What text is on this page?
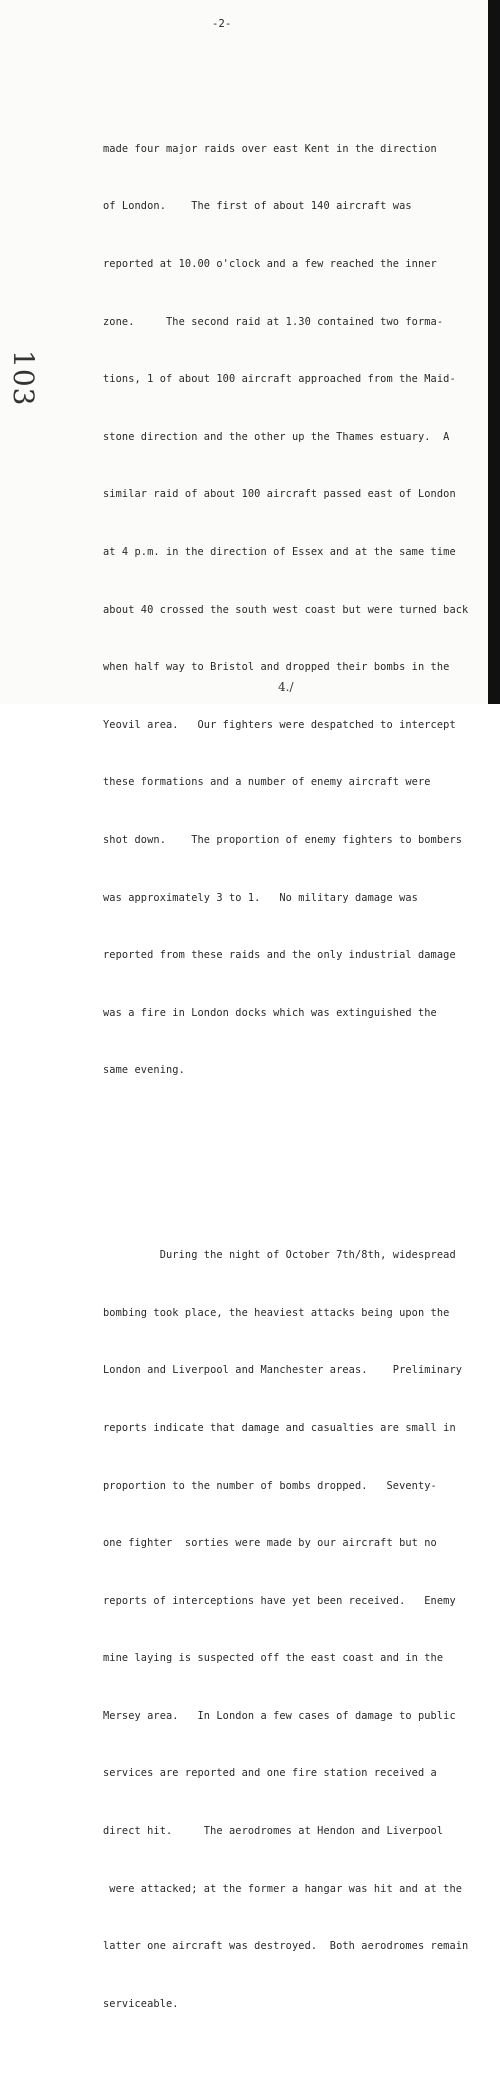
-2-
103

made four major raids over east Kent in the direction

of London.    The first of about 140 aircraft was

reported at 10.00 o'clock and a few reached the inner

zone.     The second raid at 1.30 contained two forma-

tions, 1 of about 100 aircraft approached from the Maid-

stone direction and the other up the Thames estuary.  A

similar raid of about 100 aircraft passed east of London

at 4 p.m. in the direction of Essex and at the same time

about 40 crossed the south west coast but were turned back

when half way to Bristol and dropped their bombs in the

Yeovil area.   Our fighters were despatched to intercept

these formations and a number of enemy aircraft were

shot down.    The proportion of enemy fighters to bombers

was approximately 3 to 1.   No military damage was

reported from these raids and the only industrial damage

was a fire in London docks which was extinguished the

same evening.

During the night of October 7th/8th, widespread

bombing took place, the heaviest attacks being upon the

London and Liverpool and Manchester areas.    Preliminary

reports indicate that damage and casualties are small in

proportion to the number of bombs dropped.   Seventy-

one fighter  sorties were made by our aircraft but no

reports of interceptions have yet been received.   Enemy

mine laying is suspected off the east coast and in the

Mersey area.   In London a few cases of damage to public

services are reported and one fire station received a

direct hit.     The aerodromes at Hendon and Liverpool

were attacked; at the former a hangar was hit and at the

latter one aircraft was destroyed.  Both aerodromes remain

serviceable.

4./
